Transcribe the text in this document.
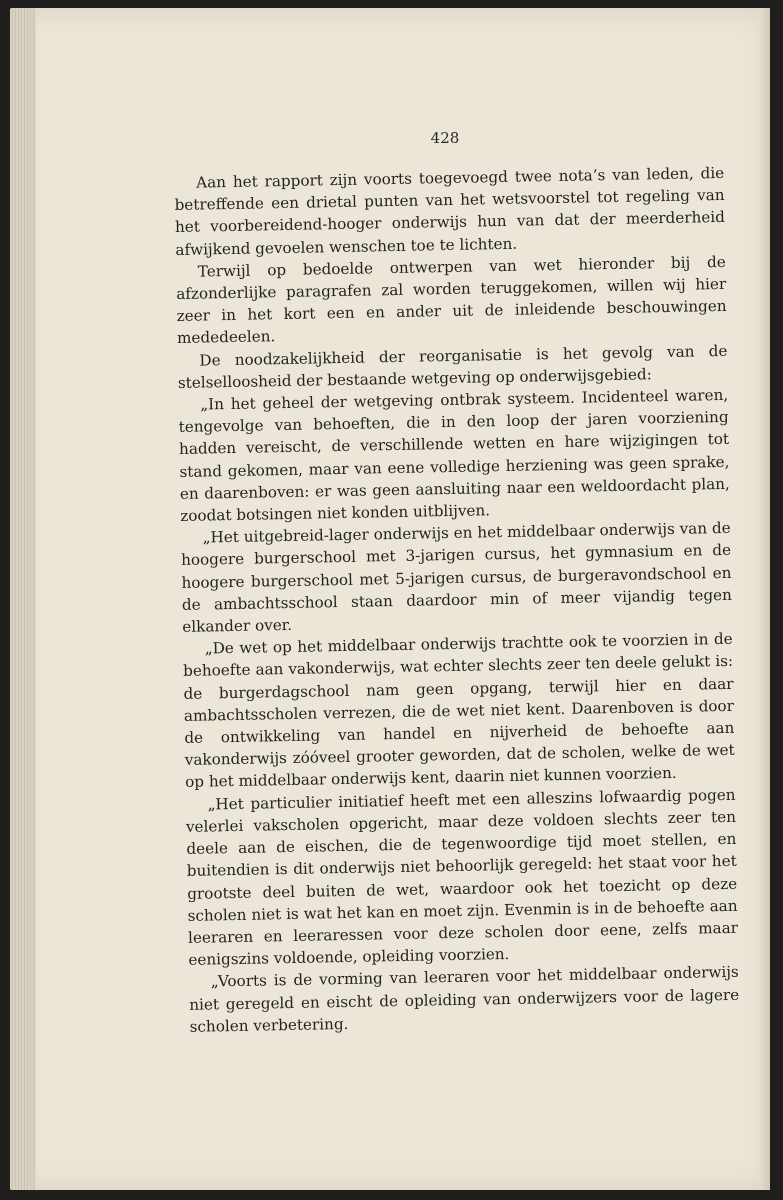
428

Aan het rapport zijn voorts toegevoegd twee nota’s van leden, die betreffende een drietal punten van het wetsvoorstel tot regeling van het voorbereidend-hooger onderwijs hun van dat der meerderheid afwijkend gevoelen wenschen toe te lichten.

Terwijl op bedoelde ontwerpen van wet hieronder bij de afzonderlijke paragrafen zal worden teruggekomen, willen wij hier zeer in het kort een en ander uit de inleidende beschouwingen mededeelen.

De noodzakelijkheid der reorganisatie is het gevolg van de stelselloosheid der bestaande wetgeving op onderwijsgebied:

„In het geheel der wetgeving ontbrak systeem. Incidenteel waren, tengevolge van behoeften, die in den loop der jaren voorziening hadden vereischt, de verschillende wetten en hare wijzigingen tot stand gekomen, maar van eene volledige herziening was geen sprake, en daarenboven: er was geen aansluiting naar een weldoordacht plan, zoodat botsingen niet konden uitblijven.

„Het uitgebreid-lager onderwijs en het middelbaar onderwijs van de hoogere burgerschool met 3-jarigen cursus, het gymnasium en de hoogere burgerschool met 5-jarigen cursus, de burgeravondschool en de ambachtsschool staan daardoor min of meer vijandig tegen elkander over.

„De wet op het middelbaar onderwijs trachtte ook te voorzien in de behoefte aan vakonderwijs, wat echter slechts zeer ten deele gelukt is: de burgerdagschool nam geen opgang, terwijl hier en daar ambachtsscholen verrezen, die de wet niet kent. Daarenboven is door de ontwikkeling van handel en nijverheid de behoefte aan vakonderwijs zóóveel grooter geworden, dat de scholen, welke de wet op het middelbaar onderwijs kent, daarin niet kunnen voorzien.

„Het particulier initiatief heeft met een alleszins lofwaardig pogen velerlei vakscholen opgericht, maar deze voldoen slechts zeer ten deele aan de eischen, die de tegenwoordige tijd moet stellen, en buitendien is dit onderwijs niet behoorlijk geregeld: het staat voor het grootste deel buiten de wet, waardoor ook het toezicht op deze scholen niet is wat het kan en moet zijn. Evenmin is in de behoefte aan leeraren en leeraressen voor deze scholen door eene, zelfs maar eenigszins voldoende, opleiding voorzien.

„Voorts is de vorming van leeraren voor het middelbaar onderwijs niet geregeld en eischt de opleiding van onderwijzers voor de lagere scholen verbetering.
